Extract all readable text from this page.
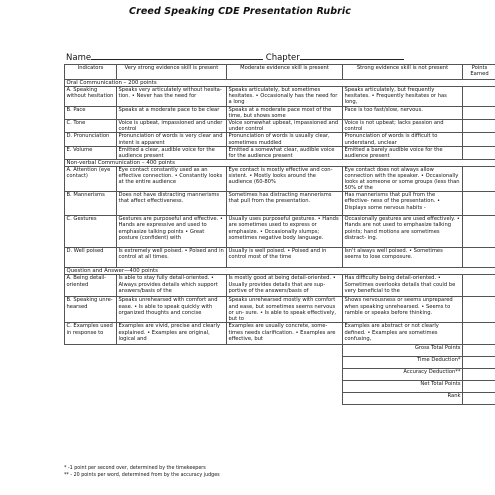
Creed Speaking CDE Presentation Rubric
Name	Chapter
Indicators	Very strong evidence skill is present	Moderate evidence skill is present	Strong evidence skill is not present	Points Earned
Oral Communication – 200 points				
A. Speaking without hesitation	Speaks very articulately without hesita- tion. • Never has the need for	Speaks articulately, but sometimes hesitates. • Occasionally has the need for a long	Speaks articulately, but frequently hesitates. • Frequently hesitates or has long,	
B. Pace	Speaks at a moderate pace to be clear	Speaks at a moderate pace most of the time, but shows some	Pace is too fast/slow, nervous.	
C. Tone	Voice is upbeat, impassioned and under control	Voice somewhat upbeat, impassioned and under control	Voice is not upbeat; lacks passion and control	
D. Pronunciation	Pronunciation of words is very clear and intent is apparent	Pronunciation of words is usually clear, sometimes muddled	Pronunciation of words is difficult to understand, unclear	
E. Volume	Emitted a clear, audible voice for the audience present	Emitted a somewhat clear, audible voice for the audience present	Emitted a barely audible voice for the audience present	
Non-verbal Communication – 400 points				
A. Attention (eye contact)	Eye contact constantly used as an effective connection. • Constantly looks at the entire audience	Eye contact is mostly effective and con- sistent. • Mostly looks around the audience (60-80%	Eye contact does not always allow connection with the speaker. • Occasionally looks at someone or some groups (less than 50% of the	
B. Mannerisms	Does not have distracting mannerisms that affect effectiveness.	Sometimes has distracting mannerisms that pull from the presentation.	Has mannerisms that pull from the effective- ness of the presentation. • Displays some nervous habits -	
C. Gestures	Gestures are purposeful and effective. • Hands are expressive and used to emphasize talking points • Great posture (confident) with	Usually uses purposeful gestures. • Hands are sometimes used to express or emphasize. • Occasionally slumps; sometimes negative body language.	Occasionally gestures are used effectively. • Hands are not used to emphasize talking points; hand motions are sometimes distract- ing.	
D. Well poised	Is extremely well poised. • Poised and in control at all times.	Usually is well poised. • Poised and in control most of the time	Isn't always well poised. • Sometimes seems to lose composure.	
Question and Answer—400 points				
A. Being detail-oriented	Is able to stay fully detail-oriented. • Always provides details which support answers/basis of the	Is mostly good at being detail-oriented. • Usually provides details that are sup- portive of the answers/basis of	Has difficulty being detail-oriented. • Sometimes overlooks details that could be very beneficial to the	
B. Speaking unre- hearsed	Speaks unrehearsed with comfort and ease. • Is able to speak quickly with organized thoughts and concise	Speaks unrehearsed mostly with comfort and ease, but sometimes seems nervous or un- sure. • Is able to speak effectively, but to	Shows nervousness or seems unprepared when speaking unrehearsed. • Seems to ramble or speaks before thinking.	
C. Examples used in response to	Examples are vivid, precise and clearly explained. • Examples are original, logical and	Examples are usually concrete, some- times needs clarification. • Examples are effective, but	Examples are abstract or not clearly defined. • Examples are sometimes confusing,	
			Gross Total Points	
			Time Deduction*	
			Accuracy Deduction**	
			Net Total Points	
			Rank	
* -1 point per second over, determined by the timekeepers
** - 20 points per word, determined from by the accuracy judges
